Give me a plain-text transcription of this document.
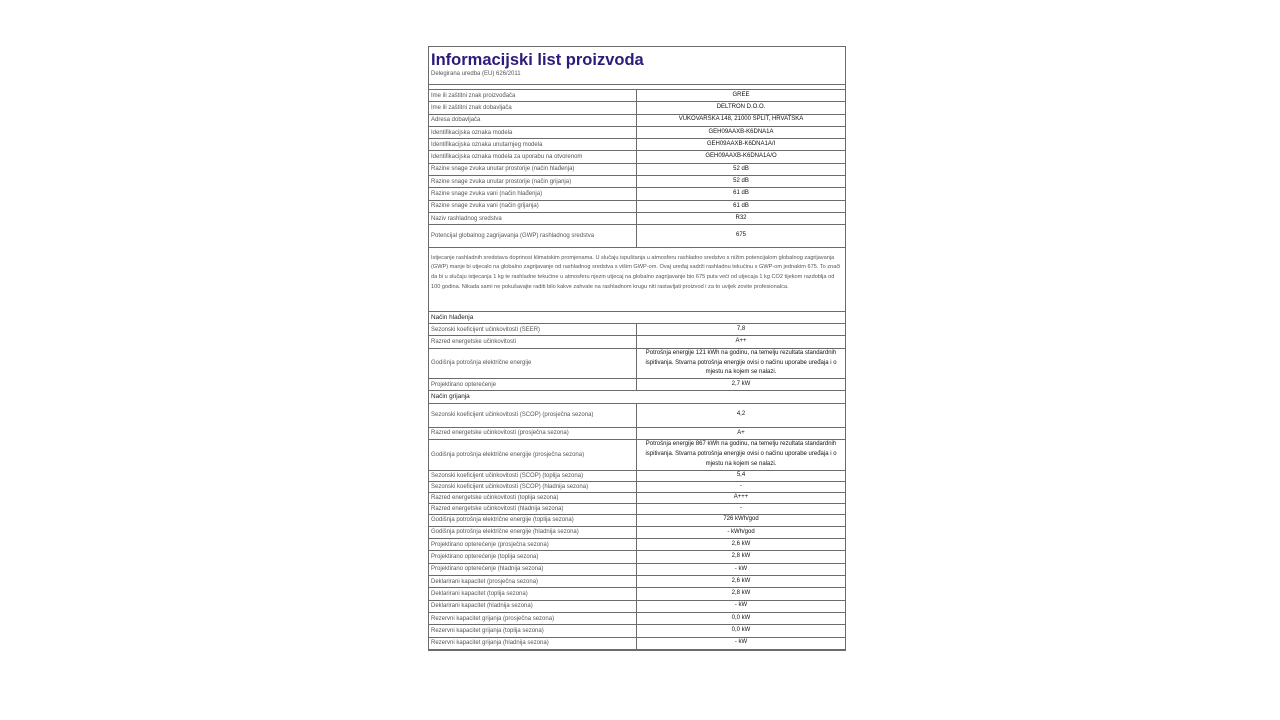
Informacijski list proizvoda
Delegirana uredba (EU) 626/2011
Ime ili zaštitni znak proizvođača	GREE
Ime ili zaštitni znak dobavljača	DELTRON D.O.O.
Adresa dobavljača	VUKOVARSKA 148, 21000 SPLIT, HRVATSKA
Identifikacijska oznaka modela	GEH09AAXB-K6DNA1A
Identifikacijska oznaka unutarnjeg modela	GEH09AAXB-K6DNA1A/I
Identifikacijska oznaka modela za uporabu na otvorenom	GEH09AAXB-K6DNA1A/O
Razine snage zvuka unutar prostorije (način hlađenja)	52 dB
Razine snage zvuka unutar prostorije (način grijanja)	52 dB
Razine snage zvuka vani (način hlađenja)	61 dB
Razine snage zvuka vani (način grijanja)	61 dB
Naziv rashladnog sredstva	R32
Potencijal globalnog zagrijavanja (GWP) rashladnog sredstva	675
Istjecanje rashladnih sredstava doprinosi klimatskim promjenama. U slučaju ispuštanja u atmosferu rashladno sredstvo s nižim potencijalom globalnog zagrijavanja (GWP) manje bi utjecalo na globalno zagrijavanje od rashladnog sredstva s višim GWP-om. Ovaj uređaj sadrži rashladnu tekućinu s GWP-om jednakim 675. To znači da bi u slučaju istjecanja 1 kg te rashladne tekućine u atmosferu njezin utjecaj na globalno zagrijavanje bio 675 puta veći od utjecaja 1 kg CO2 tijekom razdoblja od 100 godina. Nikada sami ne pokušavajte raditi bilo kakve zahvate na rashladnom krugu niti rastavljati proizvod i za to uvijek zovite profesionalca.
Način hlađenja
Sezonski koeficijent učinkovitosti (SEER)	7,8
Razred energetske učinkovitosti	A++
Godišnja potrošnja električne energije
Potrošnja energije 121 kWh na godinu, na temelju rezultata standardnih ispitivanja. Stvarna potrošnja energije ovisi o načinu uporabe uređaja i o mjestu na kojem se nalazi.
Projektirano opterećenje	2,7 kW
Način grijanja
Sezonski koeficijent učinkovitosti (SCOP) (prosječna sezona)	4,2
Razred energetske učinkovitosti (prosječna sezona)	A+
Godišnja potrošnja električne energije (prosječna sezona)
Potrošnja energije 867 kWh na godinu, na temelju rezultata standardnih ispitivanja. Stvarna potrošnja energije ovisi o načinu uporabe uređaja i o mjestu na kojem se nalazi.
Sezonski koeficijent učinkovitosti (SCOP) (toplija sezona)	5,4
Sezonski koeficijent učinkovitosti (SCOP) (hladnija sezona)	-
Razred energetske učinkovitosti (toplija sezona)	A+++
Razred energetske učinkovitosti (hladnija sezona)	-
Godišnja potrošnja električne energije (toplija sezona)	726 kWh/god
Godišnja potrošnja električne energije (hladnija sezona)	- kWh/god
Projektirano opterećenje (prosječna sezona)	2,6 kW
Projektirano opterećenje (toplija sezona)	2,8 kW
Projektirano opterećenje (hladnija sezona)	- kW
Deklarirani kapacitet (prosječna sezona)	2,6 kW
Deklarirani kapacitet (toplija sezona)	2,8 kW
Deklarirani kapacitet (hladnija sezona)	- kW
Rezervni kapacitet grijanja (prosječna sezona)	0,0 kW
Rezervni kapacitet grijanja (toplija sezona)	0,0 kW
Rezervni kapacitet grijanja (hladnija sezona)	- kW
